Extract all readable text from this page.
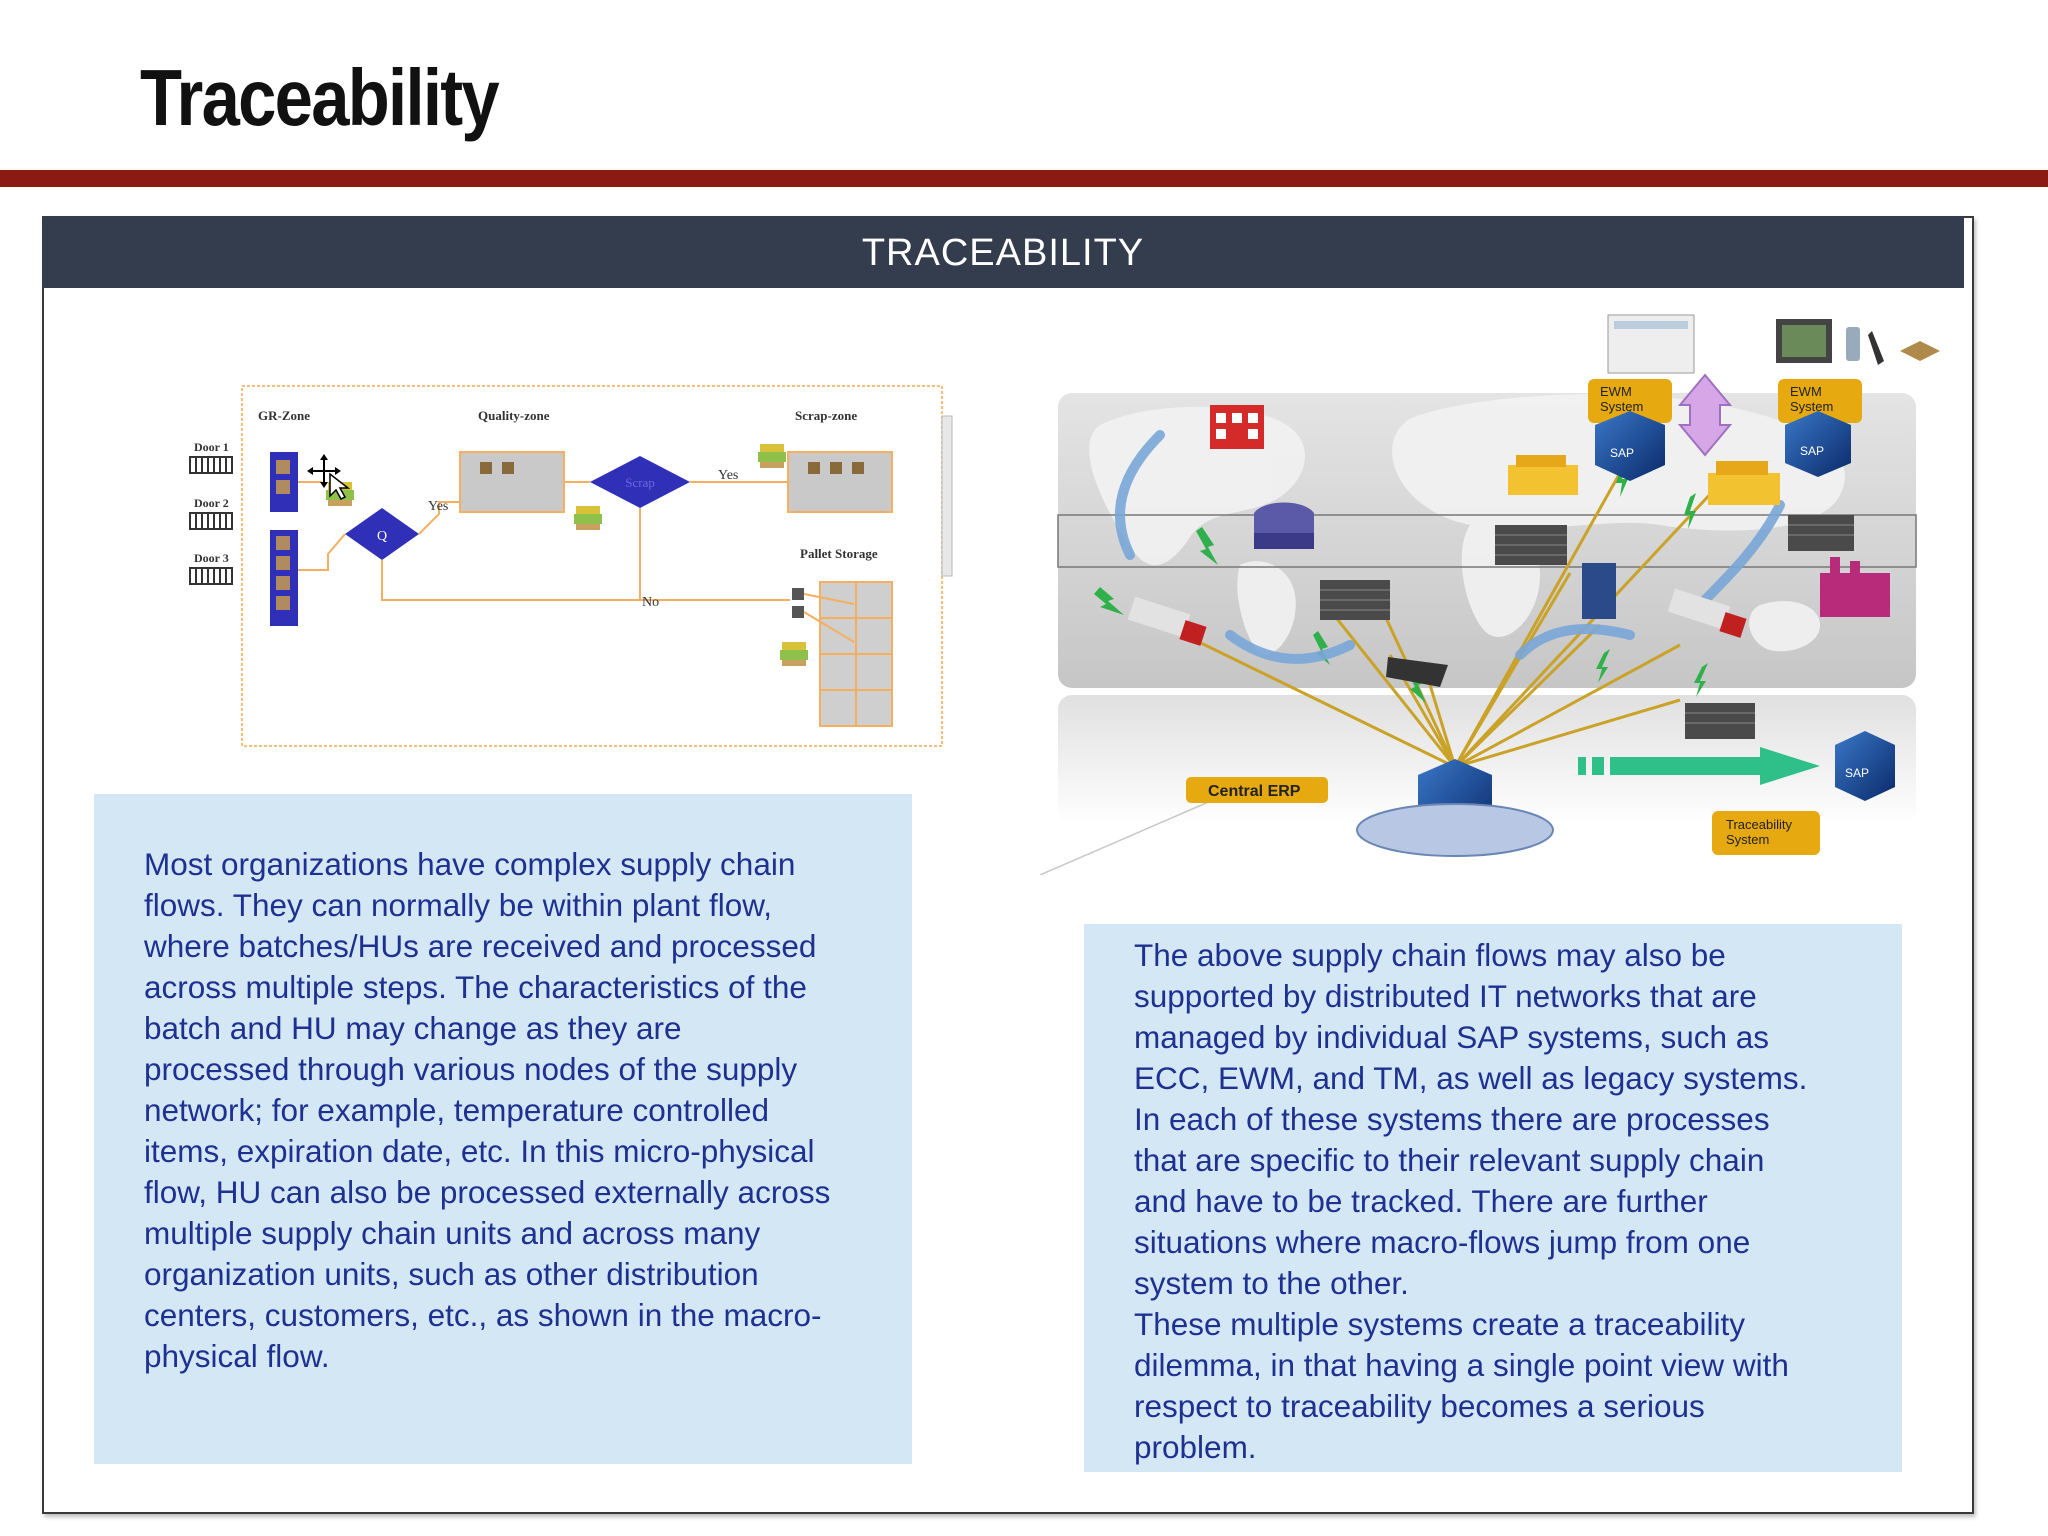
Traceability
TRACEABILITY
GR-Zone	Quality-zone	Scrap-zone
Pallet Storage
Door 1
Door 2
Door 3
Q
Scrap
Yes
Yes
No
EWM System
EWM System
SAP	SAP
SAP
Central ERP
Traceability System
Most organizations have complex supply chain
flows. They can normally be within plant flow,
where batches/HUs are received and processed
across multiple steps. The characteristics of the
batch and HU may change as they are
processed through various nodes of the supply
network; for example, temperature controlled
items, expiration date, etc. In this micro-physical
flow, HU can also be processed externally across
multiple supply chain units and across many
organization units, such as other distribution
centers, customers, etc., as shown in the macro-
physical flow.
The above supply chain flows may also be
supported by distributed IT networks that are
managed by individual SAP systems, such as
ECC, EWM, and TM, as well as legacy systems.
In each of these systems there are processes
that are specific to their relevant supply chain
and have to be tracked. There are further
situations where macro-flows jump from one
system to the other.
These multiple systems create a traceability
dilemma, in that having a single point view with
respect to traceability becomes a serious
problem.
